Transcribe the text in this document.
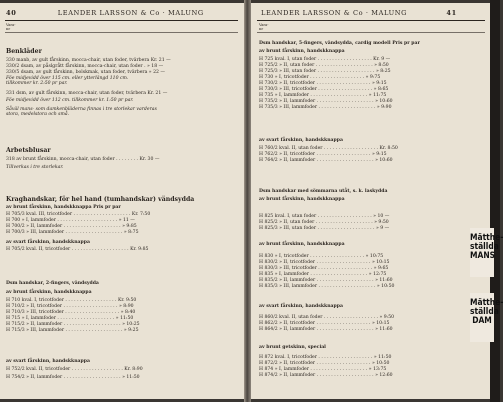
40	LEANDER LARSSON & Co · MALUNG
Vara-
nr
Benkläder
330 manb, av gult fårskinn, mocca-chair, utan foder, tvärbera Kr. 21 —
330/2 dsam, av påslgrått fårskinn, mocca-chair, utan foder . » 18 —
330/5 dsam, av gult fårskinn, bolskmak, utan foder, tvärbera » 22 —
Föe midjevidd över 115 cm. eller ytterlängd 110 cm.
tillkommer kr. 2:50 pr par.
331 dsm, av gult fårskinn, mocca-chair, utan foder, tvärbera Kr. 21 —
Föe midjevidd över 112 cm. tillkommer kr. 1:50 pr par.
Såväl mans- som damkenbläderna finnas i tre storlekar varderas
stora, medelstora och små.
Arbetsblusar
318 av brunt fårskinn, mocca-chair, utan foder . . . . . . . . Kr. 30 —
Tillverkas i tre storlekar.
Kraghandskar, för hel hand (tumhandskar) vändsydda
av brunt fårskinn, handskknappa Pris pr par
H 705/3 kval. III, tricotfoder . . . . . . . . . . . . . . . . . . . . Kr. 7:50
H 700 » I, lammfoder . . . . . . . . . . . . . . . . . . . . . » 11 —
H 700/2 » II, lammfoder . . . . . . . . . . . . . . . . . . . . » 9:85
H 700/3 » III, lammfoder . . . . . . . . . . . . . . . . . . . . » 8:75
av svart fårskinn, handskknappa
H 705/2 kval. II, tricotfoder . . . . . . . . . . . . . . . . . . . . Kr. 9:85
Dsm handskar, 2-fingers, vändsydda
av brunt fårskinn, handskknappa
H 710 kval. I, tricotfoder . . . . . . . . . . . . . . . . . . Kr. 9:50
H 710/2 » II, tricotfoder . . . . . . . . . . . . . . . . . . . » 8:90
H 710/3 » III, tricotfoder . . . . . . . . . . . . . . . . . . . » 8:40
H 715 » I, lammfoder . . . . . . . . . . . . . . . . . . . . » 11:50
H 715/2 » II, lammfoder . . . . . . . . . . . . . . . . . . . . » 10:25
H 715/3 » III, lammfoder . . . . . . . . . . . . . . . . . . . . » 9:25
av svart fårskinn, handskknappa
H 752/2 kval. II, tricotfoder . . . . . . . . . . . . . . . . . . Kr. 8:90
H 754/2 » II, lammfoder . . . . . . . . . . . . . . . . . . . . » 11:50
LEANDER LARSSON & Co · MALUNG	41
Vara-
nr
Dsm handskar, 5-fingers, vändsydda, cardig modell Pris pr par
av brunt fårskinn, handskknappa
H 725 kval. I, utan foder . . . . . . . . . . . . . . . . . . . Kr. 9 —
H 725/2 » II, utan foder . . . . . . . . . . . . . . . . . . . . » 8:50
H 725/3 » III, utan foder . . . . . . . . . . . . . . . . . . . . » 8:25
H 730 » I, tricotfoder . . . . . . . . . . . . . . . . . . . » 9:75
H 730/2 » II, tricotfoder . . . . . . . . . . . . . . . . . . . » 9:15
H 730/3 » III, tricotfoder . . . . . . . . . . . . . . . . . . . » 8:65
H 735 » I, lammfoder . . . . . . . . . . . . . . . . . . . . » 11:75
H 735/2 » II, lammfoder . . . . . . . . . . . . . . . . . . . . » 10:60
H 735/3 » III, lammfoder . . . . . . . . . . . . . . . . . . . . » 9:90
av svart fårskinn, handskknappa
H 760/2 kval. II, utan foder . . . . . . . . . . . . . . . . . . . Kr. 8:50
H 762/2 » II, tricotfoder . . . . . . . . . . . . . . . . . . . » 9:15
H 764/2 » II, lammfoder . . . . . . . . . . . . . . . . . . . . » 10:60
Dsm handskar med sömmarna utåt, s. k. laskydda
av brunt fårskinn, handskknappa
H 825 kval. I, utan foder . . . . . . . . . . . . . . . . . . . » 10 —
H 825/2 » II, utan foder . . . . . . . . . . . . . . . . . . . . » 9:50
H 825/3 » III, utan foder . . . . . . . . . . . . . . . . . . . . » 9 —
av brunt fårskinn, handskknappa
H 830 » I, tricotfoder . . . . . . . . . . . . . . . . . . . » 10:75
H 830/2 » II, tricotfoder . . . . . . . . . . . . . . . . . . . » 10:15
H 830/3 » III, tricotfoder . . . . . . . . . . . . . . . . . . . » 9:65
H 835 » I, lammfoder . . . . . . . . . . . . . . . . . . . . » 12:75
H 835/2 » II, lammfoder . . . . . . . . . . . . . . . . . . . . » 11:60
H 835/3 » III, lammfoder . . . . . . . . . . . . . . . . . . . . » 10:50
av svart fårskinn, handskknappa
H 860/2 kval. II, utan foder . . . . . . . . . . . . . . . . . . . » 9:50
H 862/2 » II, tricotfoder . . . . . . . . . . . . . . . . . . . » 10:15
H 864/2 » II, lammfoder . . . . . . . . . . . . . . . . . . . . » 11:60
av brunt getskinn, special
H 872 kval. I, tricotfoder . . . . . . . . . . . . . . . . . . . » 11:50
H 872/2 » II, tricotfoder . . . . . . . . . . . . . . . . . . . » 10:50
H 874 » I, lammfoder . . . . . . . . . . . . . . . . . . . . » 13:75
H 874/2 » II, lammfoder . . . . . . . . . . . . . . . . . . . . » 12:60
Mätthe-
ställda
MANS
Mätthe-
ställda
DAM
